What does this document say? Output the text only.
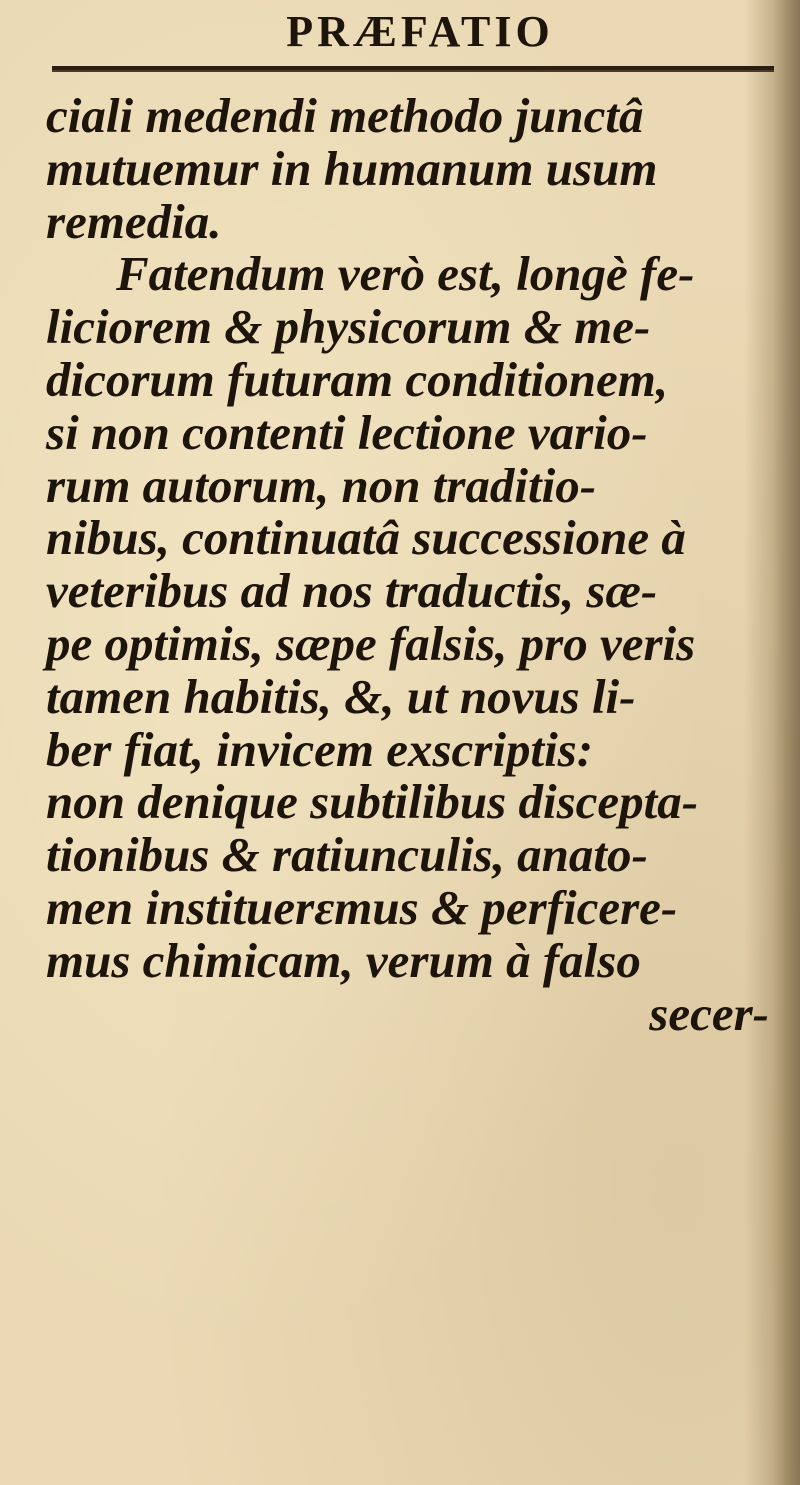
PRÆFATIO
ciali medendi methodo junctâ
mutuemur in humanum usum
remedia.
Fatendum verò est, longè fe-
liciorem & physicorum & me-
dicorum futuram conditionem,
si non contenti lectione vario-
rum autorum, non traditio-
nibus, continuatâ successione à
veteribus ad nos traductis, sæ-
pe optimis, sæpe falsis, pro veris
tamen habitis, &, ut novus li-
ber fiat, invicem exscriptis:
non denique subtilibus discepta-
tionibus & ratiunculis, anato-
men instituerεmus & perficere-
mus chimicam, verum à falso
secer-
